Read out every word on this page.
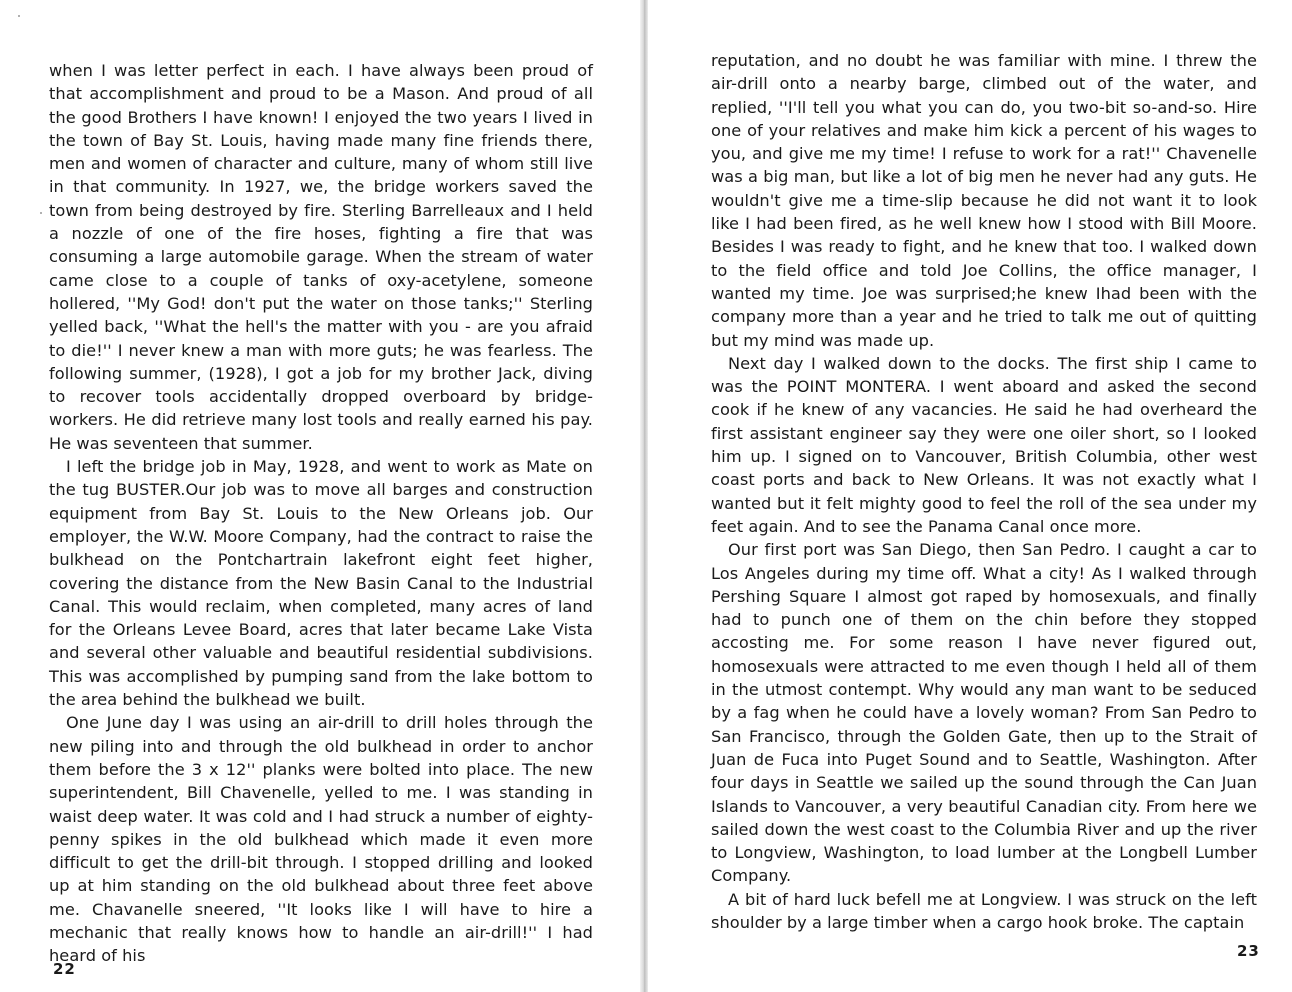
when I was letter perfect in each. I have always been proud of that accomplishment and proud to be a Mason. And proud of all the good Brothers I have known! I enjoyed the two years I lived in the town of Bay St. Louis, having made many fine friends there, men and women of character and culture, many of whom still live in that community. In 1927, we, the bridge workers saved the town from being destroyed by fire. Sterling Barrelleaux and I held a nozzle of one of the fire hoses, fighting a fire that was consuming a large automobile garage. When the stream of water came close to a couple of tanks of oxy-acetylene, someone hollered, ''My God! don't put the water on those tanks;'' Sterling yelled back, ''What the hell's the matter with you - are you afraid to die!'' I never knew a man with more guts; he was fearless. The following summer, (1928), I got a job for my brother Jack, diving to recover tools accidentally dropped overboard by bridge-workers. He did retrieve many lost tools and really earned his pay. He was seventeen that summer.

I left the bridge job in May, 1928, and went to work as Mate on the tug BUSTER.Our job was to move all barges and construction equipment from Bay St. Louis to the New Orleans job. Our employer, the W.W. Moore Company, had the contract to raise the bulkhead on the Pontchartrain lakefront eight feet higher, covering the distance from the New Basin Canal to the Industrial Canal. This would reclaim, when completed, many acres of land for the Orleans Levee Board, acres that later became Lake Vista and several other valuable and beautiful residential subdivisions. This was accomplished by pumping sand from the lake bottom to the area behind the bulkhead we built.

One June day I was using an air-drill to drill holes through the new piling into and through the old bulkhead in order to anchor them before the 3 x 12'' planks were bolted into place. The new superintendent, Bill Chavenelle, yelled to me. I was standing in waist deep water. It was cold and I had struck a number of eighty-penny spikes in the old bulkhead which made it even more difficult to get the drill-bit through. I stopped drilling and looked up at him standing on the old bulkhead about three feet above me. Chavanelle sneered, ''It looks like I will have to hire a mechanic that really knows how to handle an air-drill!'' I had heard of his

22

reputation, and no doubt he was familiar with mine. I threw the air-drill onto a nearby barge, climbed out of the water, and replied, ''I'll tell you what you can do, you two-bit so-and-so. Hire one of your relatives and make him kick a percent of his wages to you, and give me my time! I refuse to work for a rat!'' Chavenelle was a big man, but like a lot of big men he never had any guts. He wouldn't give me a time-slip because he did not want it to look like I had been fired, as he well knew how I stood with Bill Moore. Besides I was ready to fight, and he knew that too. I walked down to the field office and told Joe Collins, the office manager, I wanted my time. Joe was surprised;he knew Ihad been with the company more than a year and he tried to talk me out of quitting but my mind was made up.

Next day I walked down to the docks. The first ship I came to was the POINT MONTERA. I went aboard and asked the second cook if he knew of any vacancies. He said he had overheard the first assistant engineer say they were one oiler short, so I looked him up. I signed on to Vancouver, British Columbia, other west coast ports and back to New Orleans. It was not exactly what I wanted but it felt mighty good to feel the roll of the sea under my feet again. And to see the Panama Canal once more.

Our first port was San Diego, then San Pedro. I caught a car to Los Angeles during my time off. What a city! As I walked through Pershing Square I almost got raped by homosexuals, and finally had to punch one of them on the chin before they stopped accosting me. For some reason I have never figured out, homosexuals were attracted to me even though I held all of them in the utmost contempt. Why would any man want to be seduced by a fag when he could have a lovely woman? From San Pedro to San Francisco, through the Golden Gate, then up to the Strait of Juan de Fuca into Puget Sound and to Seattle, Washington. After four days in Seattle we sailed up the sound through the Can Juan Islands to Vancouver, a very beautiful Canadian city. From here we sailed down the west coast to the Columbia River and up the river to Longview, Washington, to load lumber at the Longbell Lumber Company.

A bit of hard luck befell me at Longview. I was struck on the left shoulder by a large timber when a cargo hook broke. The captain

23
